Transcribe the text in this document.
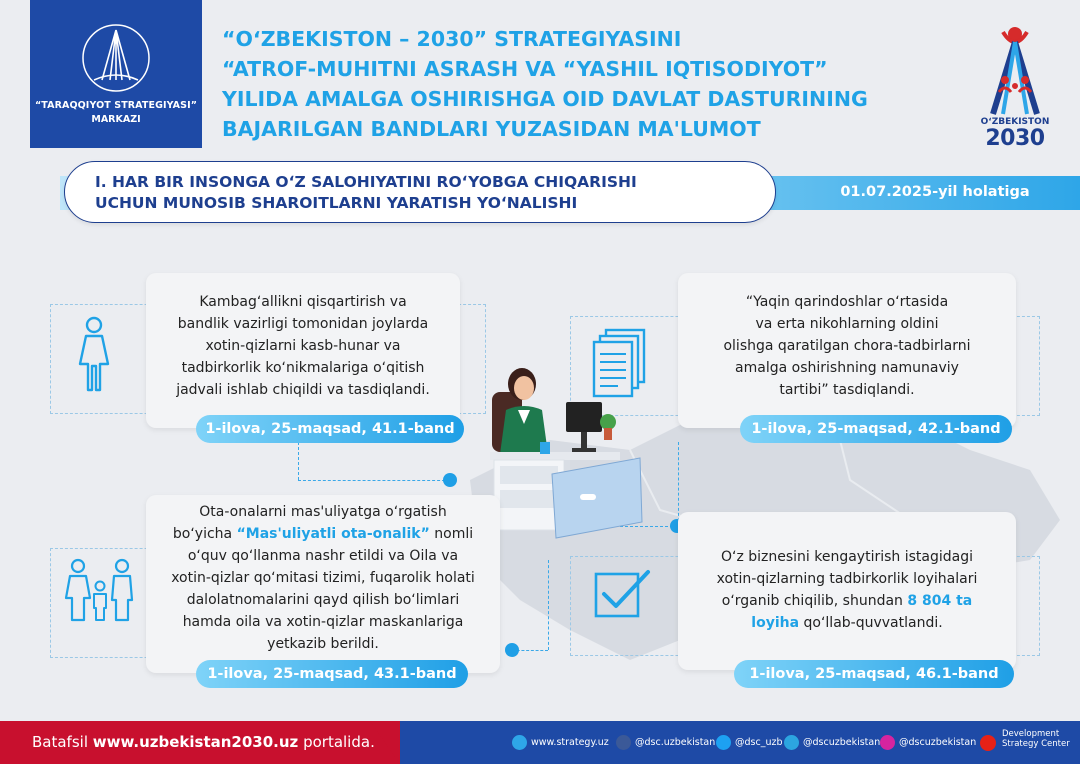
“TARAQQIYOT STRATEGIYASI”
MARKAZI
“Oʻ​ZBEKISTON – 2030” STRATEGIYASINI
“ATROF-MUHITNI ASRASH VA “YASHIL IQTISODIYOT”
YILIDA AMALGA OSHIRISHGA OID DAVLAT DASTURINING
BAJARILGAN BANDLARI YUZASIDAN MA'LUMOT	OʻZBEKISTON
2030
01.07.2025-yil holatiga
I. HAR BIR INSONGA Oʻ​Z SALOHIYATINI ROʻ​YOBGA CHIQARISHI
UCHUN MUNOSIB SHAROITLARNI YARATISH YOʻ​NALISHI

Kambagʻallikni qisqartirish va

bandlik vazirligi tomonidan joylarda

xotin-qizlarni kasb-hunar va

tadbirkorlik koʻnikmalariga oʻqitish

jadvali ishlab chiqildi va tasdiqlandi.

1-ilova, 25-maqsad, 41.1-band

“Yaqin qarindoshlar oʻrtasida

va erta nikohlarning oldini

olishga qaratilgan chora-tadbirlarni

amalga oshirishning namunaviy

tartibi” tasdiqlandi.

1-ilova, 25-maqsad, 42.1-band

Ota-onalarni mas'uliyatga oʻrgatish

boʻyicha “Mas'uliyatli ota-onalik” nomli

oʻquv qoʻllanma nashr etildi va Oila va

xotin-qizlar qoʻmitasi tizimi, fuqarolik holati

dalolatnomalarini qayd qilish boʻlimlari

hamda oila va xotin-qizlar maskanlariga

yetkazib berildi.

1-ilova, 25-maqsad, 43.1-band

Oʻz biznesini kengaytirish istagidagi

xotin-qizlarning tadbirkorlik loyihalari

oʻrganib chiqilib, shundan 8 804 ta

loyiha qoʻllab-quvvatlandi.

1-ilova, 25-maqsad, 46.1-band
Batafsil www.uzbekistan2030.uz portalida.	www.strategy.uz	@dsc.uzbekistan	@dsc_uzb	@dscuzbekistan	@dscuzbekistan
Development
Strategy Center
